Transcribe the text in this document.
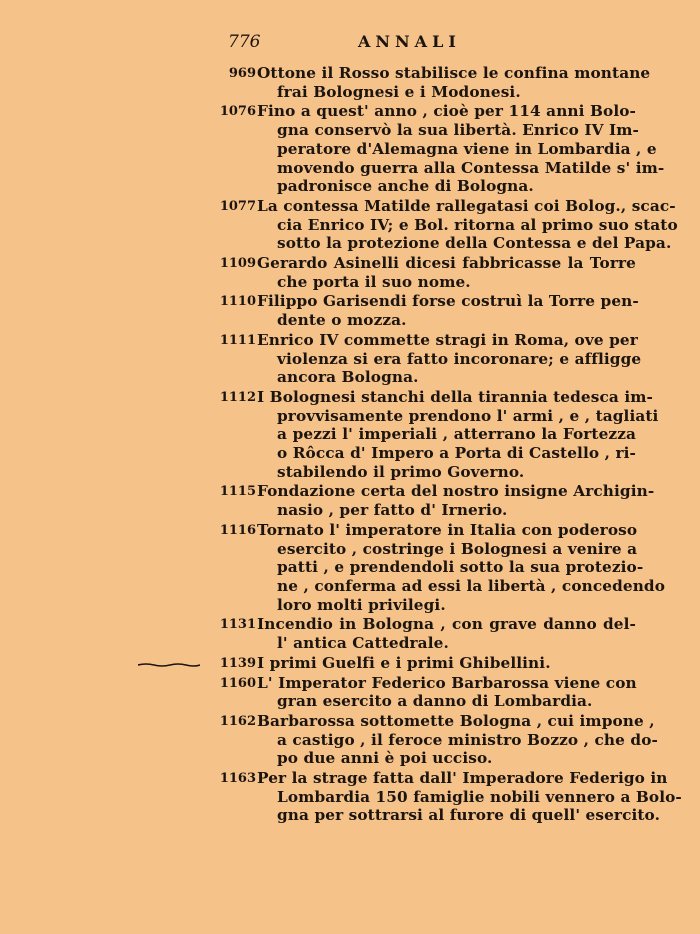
776	ANNALI
969 Ottone il Rosso stabilisce le confina montane
frai Bolognesi e i Modonesi.
1076 Fino a quest' anno , cioè per 114 anni Bolo-
gna conservò la sua libertà. Enrico IV Im-
peratore d'Alemagna viene in Lombardia , e
movendo guerra alla Contessa Matilde s' im-
padronisce anche di Bologna.
1077 La contessa Matilde rallegatasi coi Bolog., scac-
cia Enrico IV; e Bol. ritorna al primo suo stato
sotto la protezione della Contessa e del Papa.
1109 Gerardo Asinelli dicesi fabbricasse la Torre
che porta il suo nome.
1110 Filippo Garisendi forse costruì la Torre pen-
dente o mozza.
1111 Enrico IV commette stragi in Roma, ove per
violenza si era fatto incoronare; e affligge
ancora Bologna.
1112 I Bolognesi stanchi della tirannia tedesca im-
provvisamente prendono l' armi , e , tagliati
a pezzi l' imperiali , atterrano la Fortezza
o Rôcca d' Impero a Porta di Castello , ri-
stabilendo il primo Governo.
1115 Fondazione certa del nostro insigne Archigin-
nasio , per fatto d' Irnerio.
1116 Tornato l' imperatore in Italia con poderoso
esercito , costringe i Bolognesi a venire a
patti , e prendendoli sotto la sua protezio-
ne , conferma ad essi la libertà , concedendo
loro molti privilegi.
1131 Incendio in Bologna , con grave danno del-
l' antica Cattedrale.
1139 I primi Guelfi e i primi Ghibellini.
1160 L' Imperator Federico Barbarossa viene con
gran esercito a danno di Lombardia.
1162 Barbarossa sottomette Bologna , cui impone ,
a castigo , il feroce ministro Bozzo , che do-
po due anni è poi ucciso.
1163 Per la strage fatta dall' Imperadore Federigo in
Lombardia 150 famiglie nobili vennero a Bolo-
gna per sottrarsi al furore di quell' esercito.
